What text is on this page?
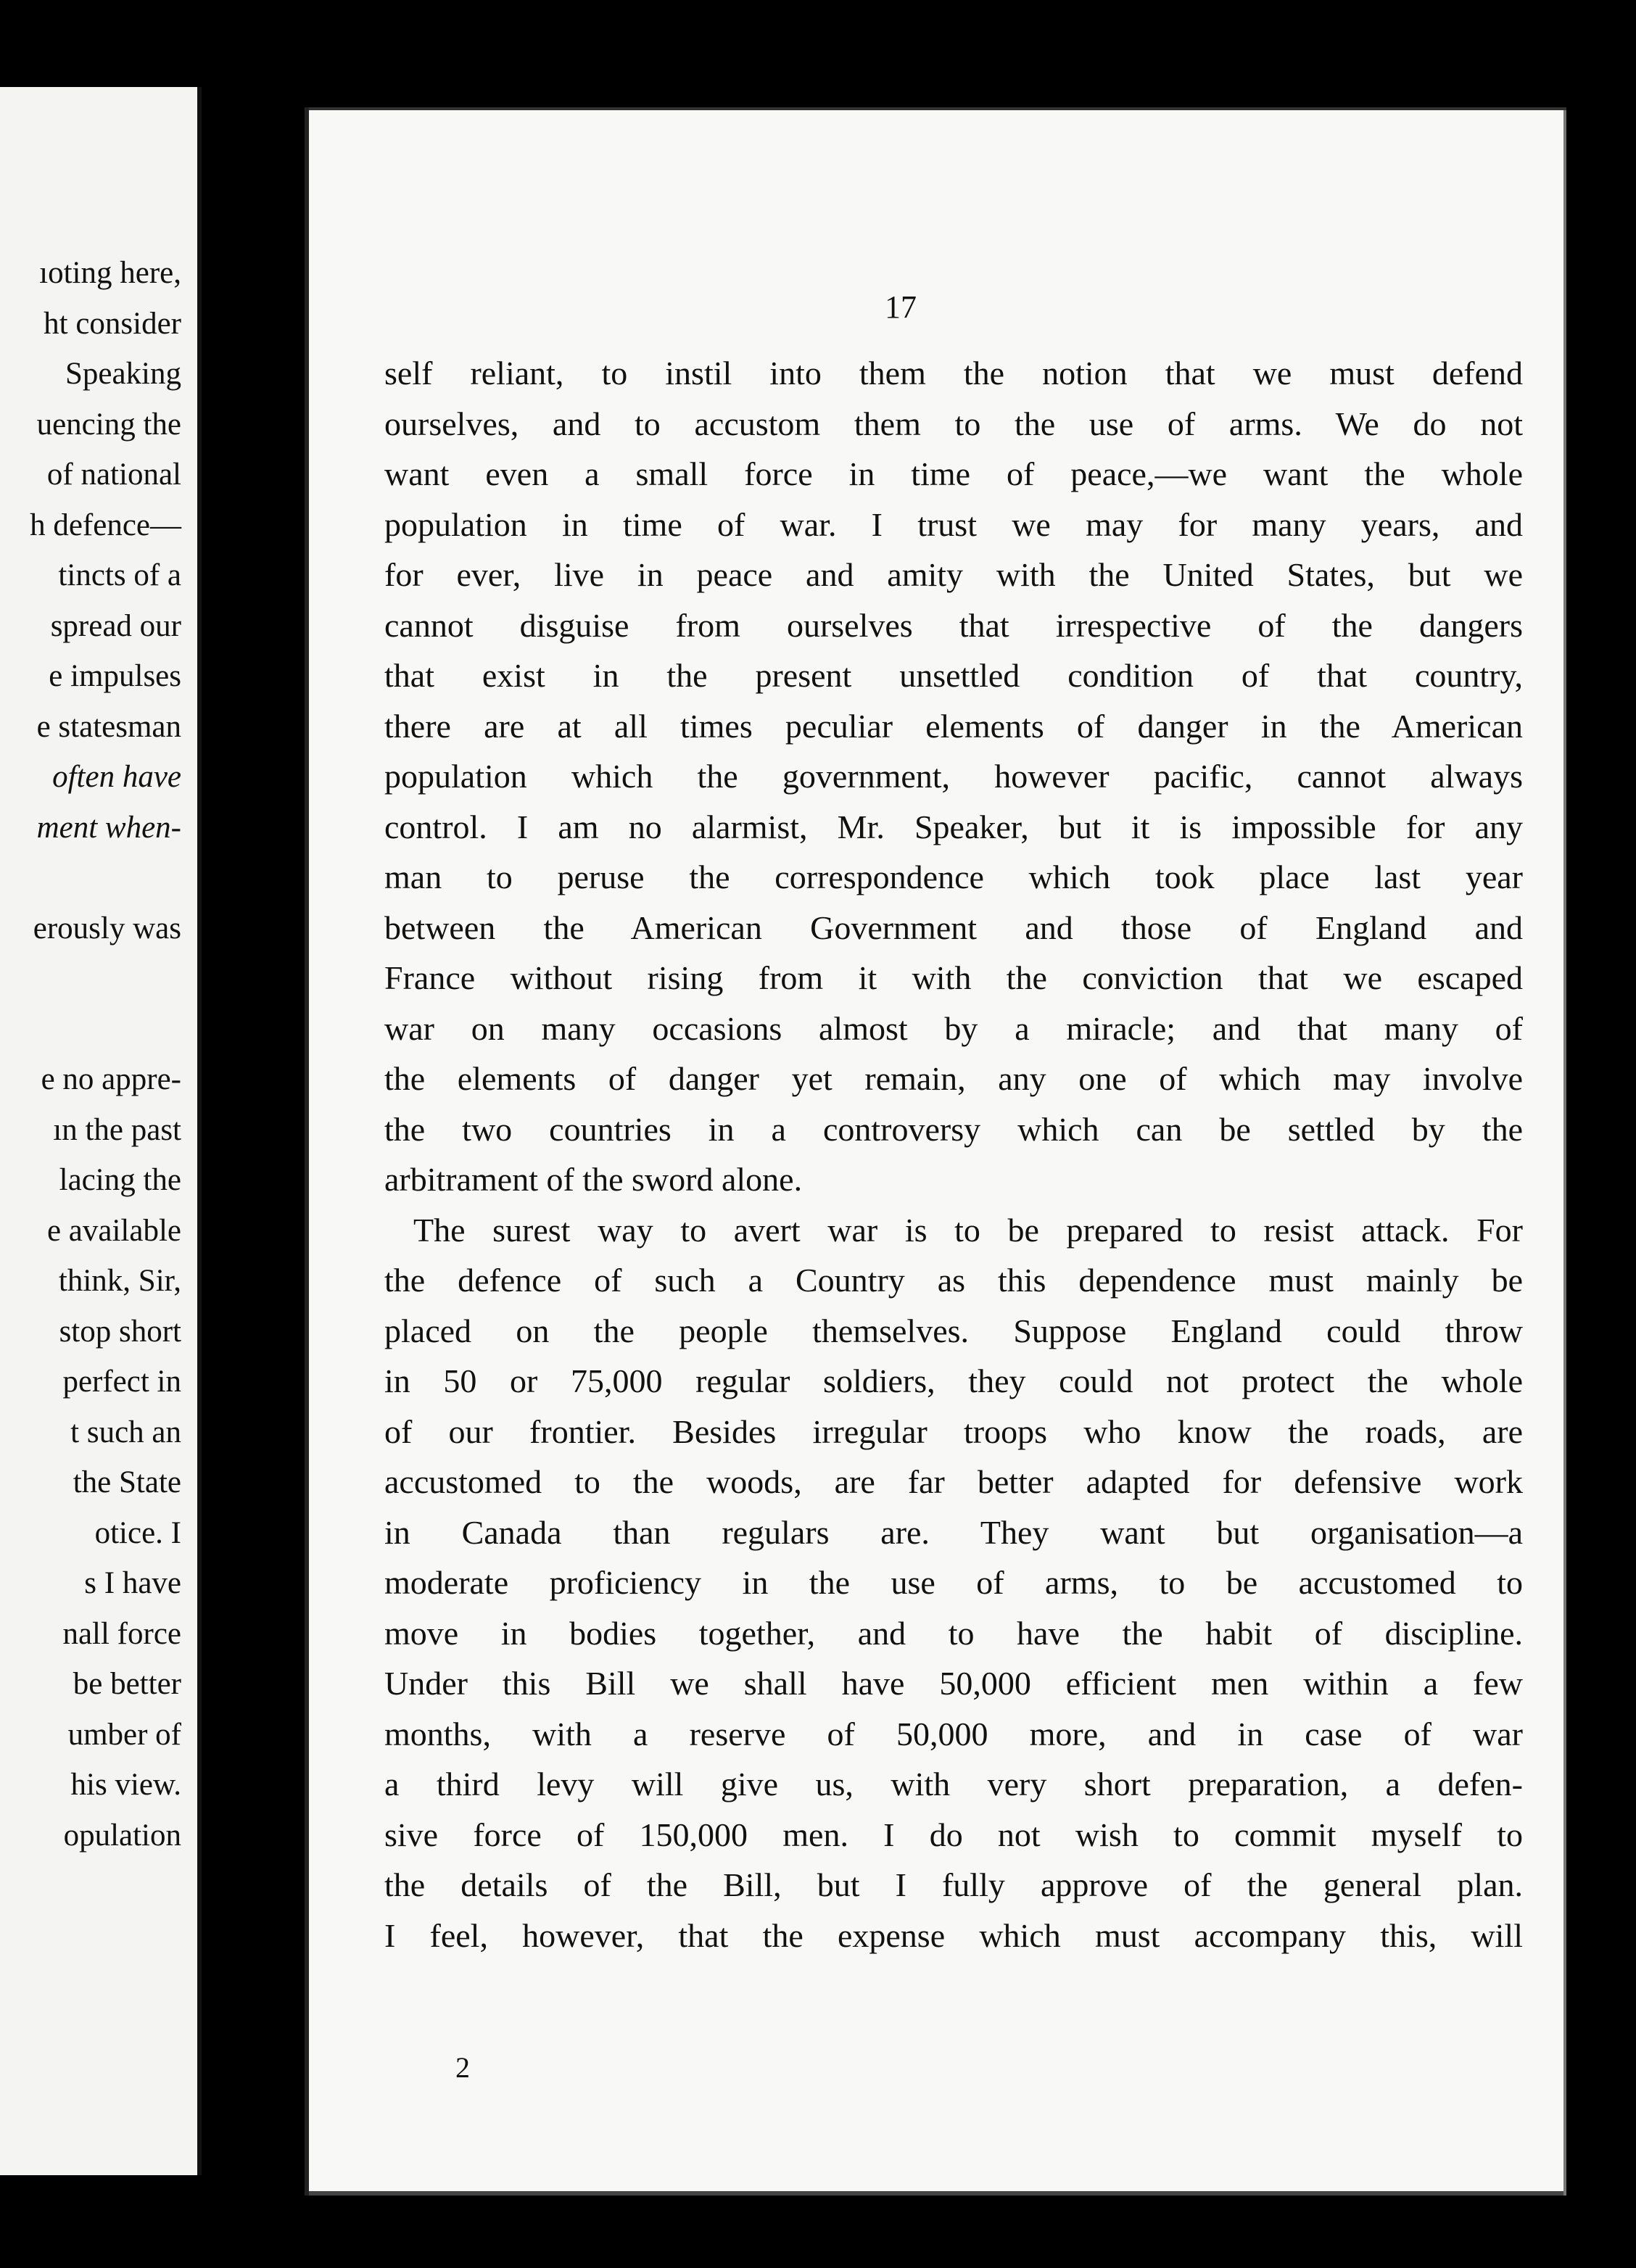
ıoting here,
ht consider
Speaking
uencing the
of national
h defence—
tincts of a
spread our
e impulses
e statesman
often have
ment when-
erously was
e no appre-
ın the past
lacing the
e available
think, Sir,
stop short
perfect in
t such an
the State
otice. I
s I have
nall force
be better
umber of
his view.
opulation
17
2
self reliant, to instil into them the notion that we must defend
ourselves, and to accustom them to the use of arms. We do not
want even a small force in time of peace,—we want the whole
population in time of war. I trust we may for many years, and
for ever, live in peace and amity with the United States, but we
cannot disguise from ourselves that irrespective of the dangers
that exist in the present unsettled condition of that country,
there are at all times peculiar elements of danger in the American
population which the government, however pacific, cannot always
control. I am no alarmist, Mr. Speaker, but it is impossible for any
man to peruse the correspondence which took place last year
between the American Government and those of England and
France without rising from it with the conviction that we escaped
war on many occasions almost by a miracle; and that many of
the elements of danger yet remain, any one of which may involve
the two countries in a controversy which can be settled by the
arbitrament of the sword alone.
The surest way to avert war is to be prepared to resist attack. For
the defence of such a Country as this dependence must mainly be
placed on the people themselves. Suppose England could throw
in 50 or 75,000 regular soldiers, they could not protect the whole
of our frontier. Besides irregular troops who know the roads, are
accustomed to the woods, are far better adapted for defensive work
in Canada than regulars are. They want but organisation—a
moderate proficiency in the use of arms, to be accustomed to
move in bodies together, and to have the habit of discipline.
Under this Bill we shall have 50,000 efficient men within a few
months, with a reserve of 50,000 more, and in case of war
a third levy will give us, with very short preparation, a defen-
sive force of 150,000 men. I do not wish to commit myself to
the details of the Bill, but I fully approve of the general plan.
I feel, however, that the expense which must accompany this, will
